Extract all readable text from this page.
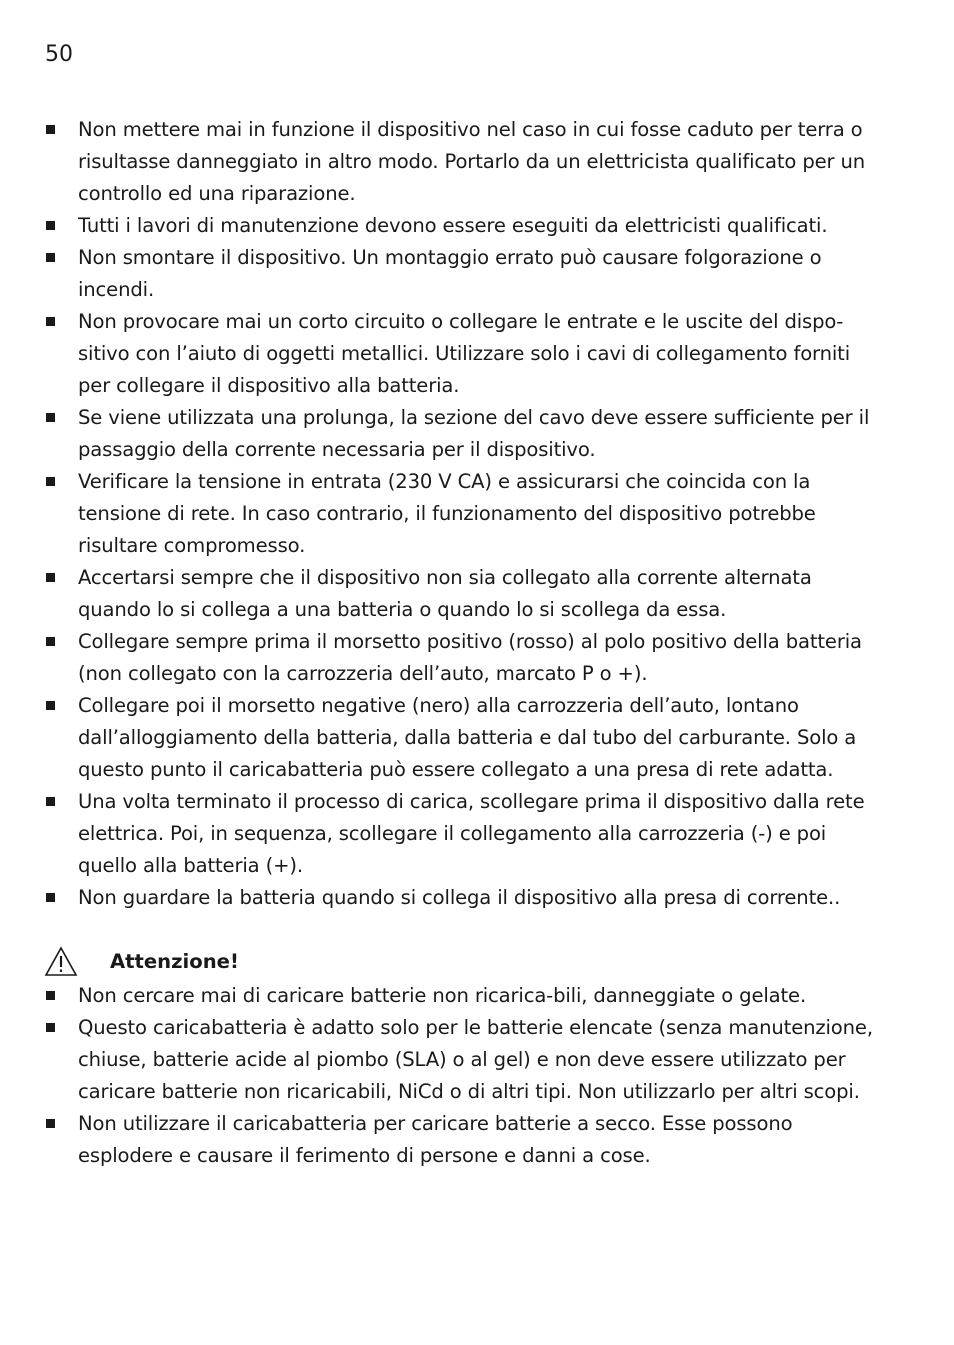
50
Non mettere mai in funzione il dispositivo nel caso in cui fosse caduto per terra o risultasse danneggiato in altro modo. Portarlo da un elettricista qualificato per un controllo ed una riparazione.
Tutti i lavori di manutenzione devono essere eseguiti da elettricisti qualificati.
Non smontare il dispositivo. Un montaggio errato può causare folgorazione o incendi.
Non provocare mai un corto circuito o collegare le entrate e le uscite del dispositivo con l’aiuto di oggetti metallici. Utilizzare solo i cavi di collegamento forniti per collegare il dispositivo alla batteria.
Se viene utilizzata una prolunga, la sezione del cavo deve essere sufficiente per il passaggio della corrente necessaria per il dispositivo.
Verificare la tensione in entrata (230 V CA) e assicurarsi che coincida con la tensione di rete. In caso contrario, il funzionamento del dispositivo potrebbe risultare compromesso.
Accertarsi sempre che il dispositivo non sia collegato alla corrente alternata quando lo si collega a una batteria o quando lo si scollega da essa.
Collegare sempre prima il morsetto positivo (rosso) al polo positivo della batteria (non collegato con la carrozzeria dell’auto, marcato P o +).
Collegare poi il morsetto negative (nero) alla carrozzeria dell’auto, lontano dall’alloggiamento della batteria, dalla batteria e dal tubo del carburante. Solo a questo punto il caricabatteria può essere collegato a una presa di rete adatta.
Una volta terminato il processo di carica, scollegare prima il dispositivo dalla rete elettrica. Poi, in sequenza, scollegare il collegamento alla carrozzeria (-) e poi quello alla batteria (+).
Non guardare la batteria quando si collega il dispositivo alla presa di corrente..
Attenzione!
Non cercare mai di caricare batterie non ricarica-bili, danneggiate o gelate.
Questo caricabatteria è adatto solo per le batterie elencate (senza manutenzione, chiuse, batterie acide al piombo (SLA) o al gel) e non deve essere utilizzato per caricare batterie non ricaricabili, NiCd o di altri tipi. Non utilizzarlo per altri scopi.
Non utilizzare il caricabatteria per caricare batterie a secco. Esse possono esplodere e causare il ferimento di persone e danni a cose.
